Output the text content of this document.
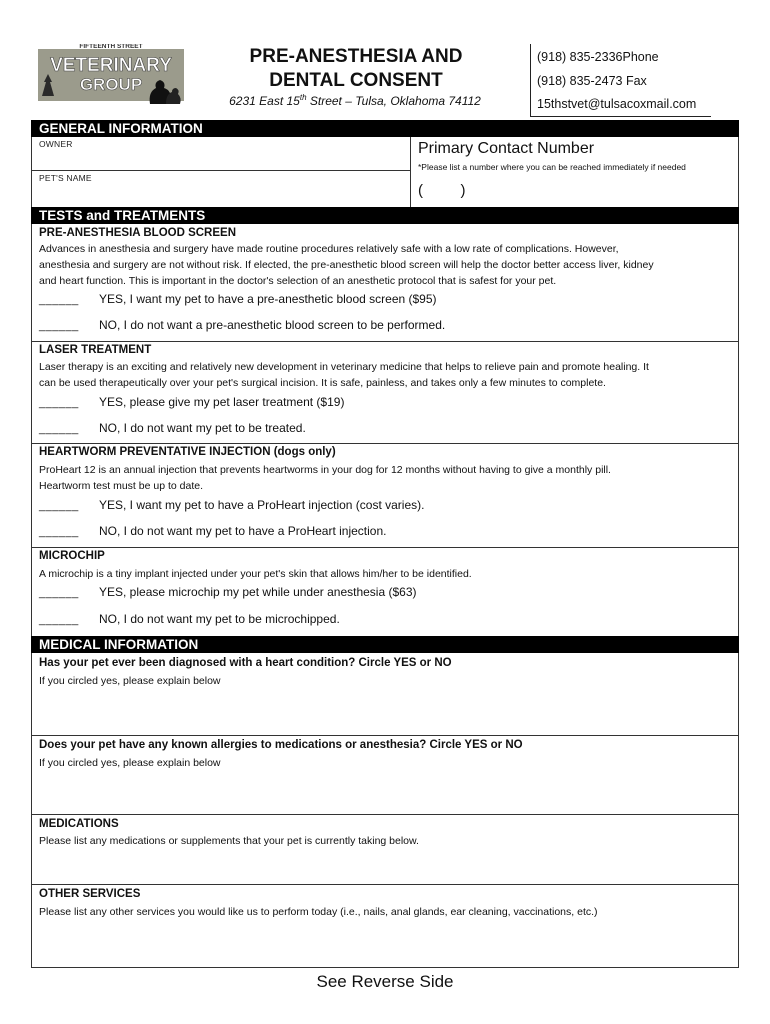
FIFTEENTH STREET
VETERINARY
GROUP
PRE-ANESTHESIA AND
DENTAL CONSENT
6231 East 15th Street – Tulsa, Oklahoma 74112
(918) 835-2336Phone
(918) 835-2473 Fax
15thstvet@tulsacoxmail.com
GENERAL INFORMATION
OWNER
PET'S NAME
Primary Contact Number
*Please list a number where you can be reached immediately if needed
(         )
TESTS and TREATMENTS
PRE-ANESTHESIA BLOOD SCREEN
Advances in anesthesia and surgery have made routine procedures relatively safe with a low rate of complications. However,
anesthesia and surgery are not without risk. If elected, the pre-anesthetic blood screen will help the doctor better access liver, kidney
and heart function. This is important in the doctor's selection of an anesthetic protocol that is safest for your pet.
______ YES, I want my pet to have a pre-anesthetic blood screen ($95)
______ NO, I do not want a pre-anesthetic blood screen to be performed.
LASER TREATMENT
Laser therapy is an exciting and relatively new development in veterinary medicine that helps to relieve pain and promote healing. It
can be used therapeutically over your pet's surgical incision. It is safe, painless, and takes only a few minutes to complete.
______ YES, please give my pet laser treatment ($19)
______ NO, I do not want my pet to be treated.
HEARTWORM PREVENTATIVE INJECTION (dogs only)
ProHeart 12 is an annual injection that prevents heartworms in your dog for 12 months without having to give a monthly pill.
Heartworm test must be up to date.
______ YES, I want my pet to have a ProHeart injection (cost varies).
______ NO, I do not want my pet to have a ProHeart injection.
MICROCHIP
A microchip is a tiny implant injected under your pet's skin that allows him/her to be identified.
______ YES, please microchip my pet while under anesthesia ($63)
______ NO, I do not want my pet to be microchipped.
MEDICAL INFORMATION
Has your pet ever been diagnosed with a heart condition? Circle YES or NO
If you circled yes, please explain below
Does your pet have any known allergies to medications or anesthesia? Circle YES or NO
If you circled yes, please explain below
MEDICATIONS
Please list any medications or supplements that your pet is currently taking below.
OTHER SERVICES
Please list any other services you would like us to perform today (i.e., nails, anal glands, ear cleaning, vaccinations, etc.)
See Reverse Side
